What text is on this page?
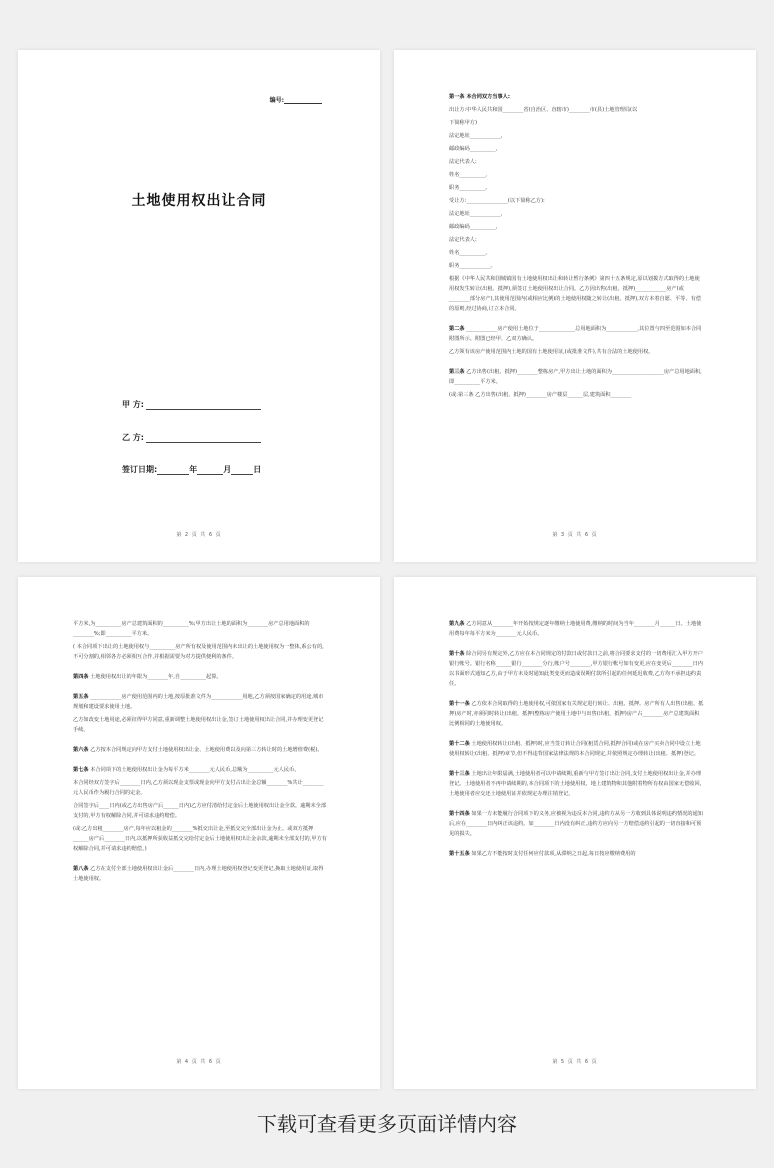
编号:
土地使用权出让合同
甲 方:
乙 方:
签订日期:	年	月	日
第 2 页 共 6 页

第一条 本合同双方当事人:

出让方:中华人民共和国________省(自治区、直辖市)________市(县)土地管理局(以

下简称甲方)

法定地址____________,

邮政编码__________,

法定代表人:

姓名__________,

职务__________。

受让方:________________(以下简称乙方):

法定地址____________,

邮政编码__________,

法定代表人:

姓名__________,

职务____________。

根据《中华人民共和国城镇国有土地使用权出让和转让暂行条例》第四十五条规定,原以划拨方式取得的土地使用权发生转让(出租、抵押),须签订土地使用权出让合同。乙方因出售(出租、抵押)____________房产(或________部分房产),其使用范围内(或相应比例)的土地使用权随之转让(出租、抵押),双方本着自愿、平等、有偿的原则,经过协商,订立本合同。

第二条 ____________房产使用土地位于______________总用地面积为____________,其位置与四至范围如本合同附图所示。附图已经甲、乙双方确认。

乙方领有该房产使用范围内土地的国有土地使用证,(或批准文件),共有合法的土地使用权。

第三条 乙方出售(出租、抵押)________整栋房产,甲方出让土地的面积为____________________房产总用地面积,即__________平方米。

(或:第三条 乙方出售(出租、抵押)________房产楼层______层,建筑面积________

第 3 页 共 6 页

平方米,为__________房产总建筑面积的__________%;甲方出让土地的面积为________房产总用地面积的________%;即__________平方米。

( 本合同项下出让的土地使用权与__________房产所有权及使用范围内未出让的土地使用权为一整体,系公有的,不可分割的,相邻各方必须相互合作,并根据需要为对方提供便利的条件。

第四条 土地使用权出让的年限为________年,自__________起算。

第五条 ____________房产使用范围内的土地,按原批准文件为____________用地,乙方须按国家确定的用途,城市规划和建设要求使用土地。

乙方如改变土地用途,必须征得甲方同意,重新调整土地使用权出让金,签订土地使用权出让合同,并办理变更登记手续。

第六条 乙方按本合同规定向甲方支付土地使用权出让金、土地使用费以及向第三方转让时的土地增值费(税)。

第七条 本合同项下的土地使用权出让金为每平方米________元人民币,总额为__________元人民币。

本合同经双方签字后________日内,乙方须以现金支票或现金向甲方支付占出让金总额________%共计________元人民币作为履行合同的定金。

合同签字后____日内(或乙方出售房产后______日内)乙方应付清给付定金后土地使用权出让金全款。逾期未全部支付的,甲方有权解除合同,并可请求违约赔偿。

(或:乙方出租________房产,每年应以租金的________%抵交出让金,至抵交完全部出让金为止。或双方抵押______房产后________日内,以抵押所获收益抵交完给付定金后土地使用权出让金余款,逾期未全部支付的,甲方有权解除合同,并可请求违约赔偿。)

第八条 乙方在支付全部土地使用权出让金后________日内,办理土地使用权登记变更登记,换取土地使用证,取得土地使用权。

第 4 页 共 6 页

第九条 乙方同意从________年开始按规定逐年缴纳土地使用费,缴纳的时间为当年________月______日。土地使用费每年每平方米为________元人民币。

第十条 除合同另有规定外,乙方应在本合同规定的付款日或付款日之前,将合同要求支付的一切费用汇入甲方开户银行帐号。银行名称______银行________分行,帐户号________,甲方银行帐号如有变更,应在变更后________日内以书面形式通知乙方,由于甲方未及时通知此类变更而造成误期付款所引起的任何延迟收费,乙方均不承担违约责任。

第十一条 乙方依本合同取得的土地使用权,可依国家有关规定进行转让、出租、抵押。房产所有人出售(出租、抵押)房产时,亦须同时转让(出租、抵押)整栋房产使用土地中与出售(出租、抵押)房产占________房产总建筑面积比例相同的土地使用权。

第十二条 土地使用权转让(出租、抵押)时,应当签订转让合同(租赁合同,抵押合同)或在房产买卖合同中设立土地使用权转让(出租、抵押)章节,但不得违背国家法律法规的本合同规定,并依照规定办理转让(出租、抵押)登记。

第十三条 土地出让年限届满,土地使用者可以申请续期,重新与甲方签订出让合同,支付土地使用权出让金,并办理登记。土地使用者不再申请续期的,本合同项下的土地使用权、地上建筑物和其他附着物所有权由国家无偿收回,土地使用者应交还土地使用证并依规定办理注销登记。

第十四条 如果一方未能履行合同项下的义务,应被视为违反本合同,违约方从另一方收到具体说明违约情况的通知后,应在________日内纠正该违约。如________日内没有纠正,违约方应向另一方赔偿违约引起的一切直接和可预见的损失。

第十五条 如果乙方不能按时支付任何应付款项,从滞纳之日起,每日按应缴纳费用的

第 5 页 共 6 页
下载可查看更多页面详情内容
